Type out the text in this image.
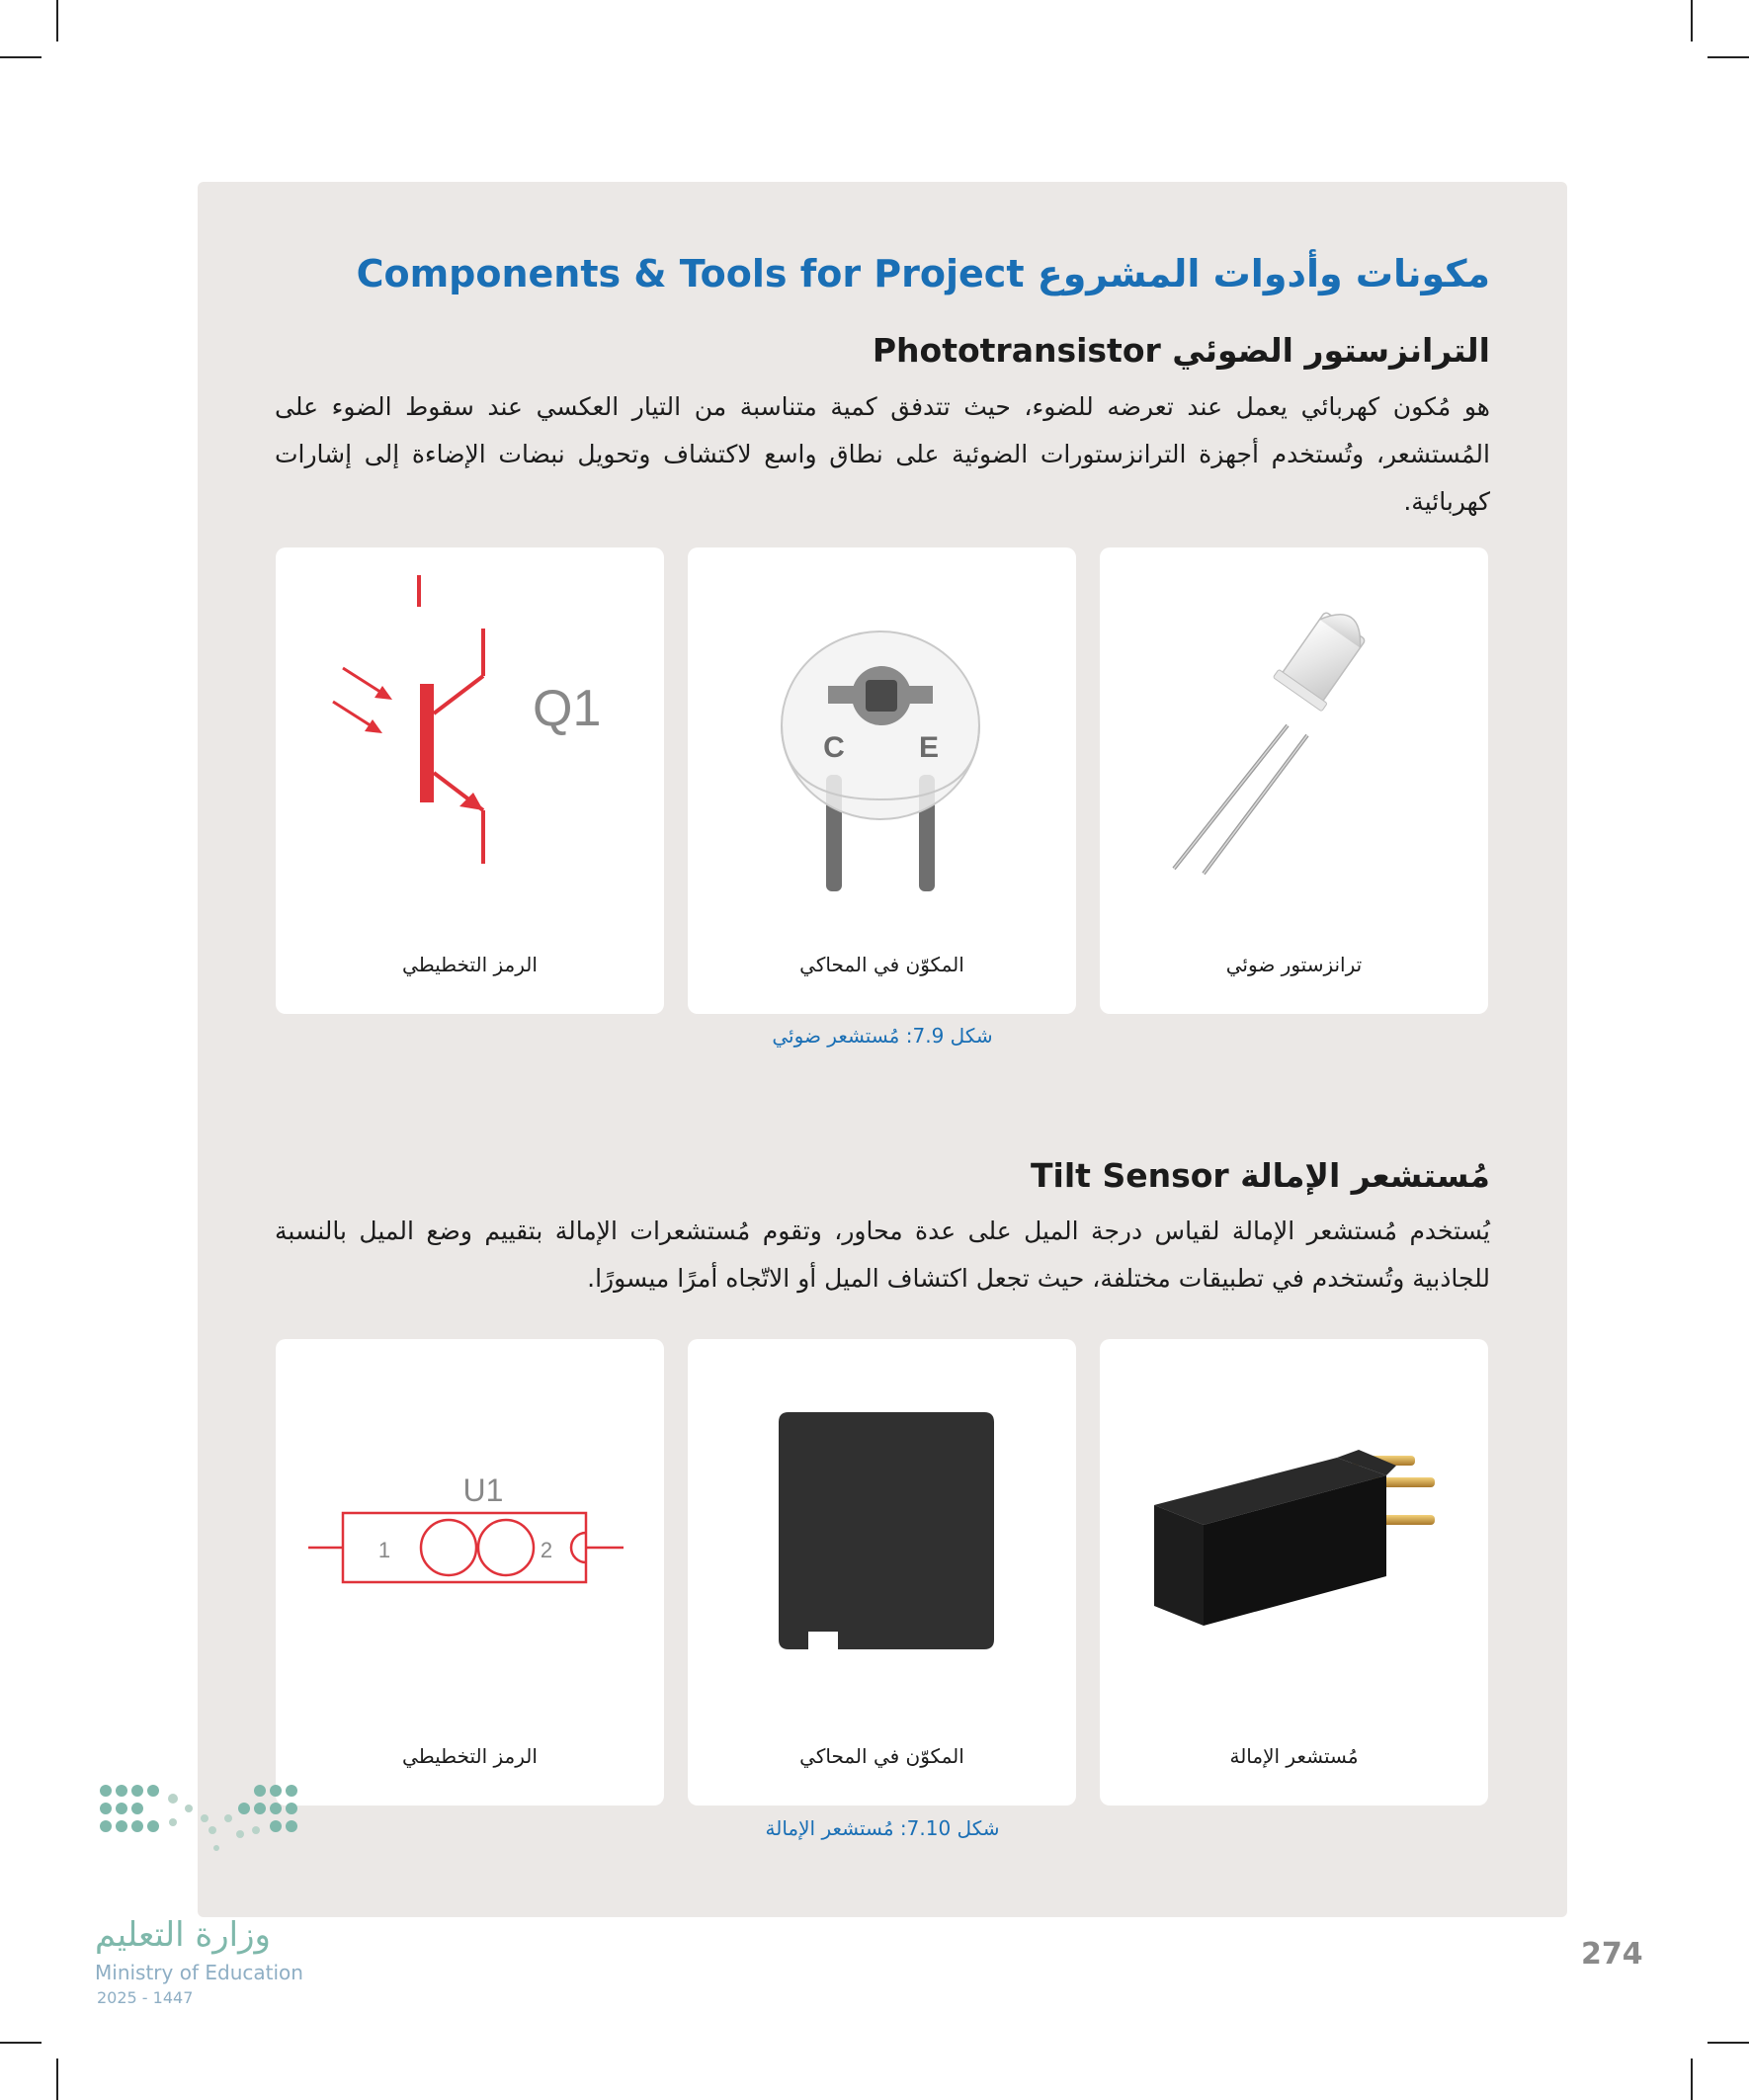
مكونات وأدوات المشروع Components & Tools for Project
الترانزستور الضوئي Phototransistor

هو مُكون كهربائي يعمل عند تعرضه للضوء، حيث تتدفق كمية متناسبة من التيار العكسي عند سقوط الضوء على المُستشعر، وتُستخدم أجهزة الترانزستورات الضوئية على نطاق واسع لاكتشاف وتحويل نبضات الإضاءة إلى إشارات كهربائية.

ترانزستور ضوئي
C	E
المكوّن في المحاكي
Q1
الرمز التخطيطي
شكل 7.9: مُستشعر ضوئي
مُستشعر الإمالة Tilt Sensor

يُستخدم مُستشعر الإمالة لقياس درجة الميل على عدة محاور، وتقوم مُستشعرات الإمالة بتقييم وضع الميل بالنسبة للجاذبية وتُستخدم في تطبيقات مختلفة، حيث تجعل اكتشاف الميل أو الاتّجاه أمرًا ميسورًا.

مُستشعر الإمالة
المكوّن في المحاكي
1	2
U1
الرمز التخطيطي
شكل 7.10: مُستشعر الإمالة
وزارة التعليم
Ministry of Education
2025 - 1447
274
